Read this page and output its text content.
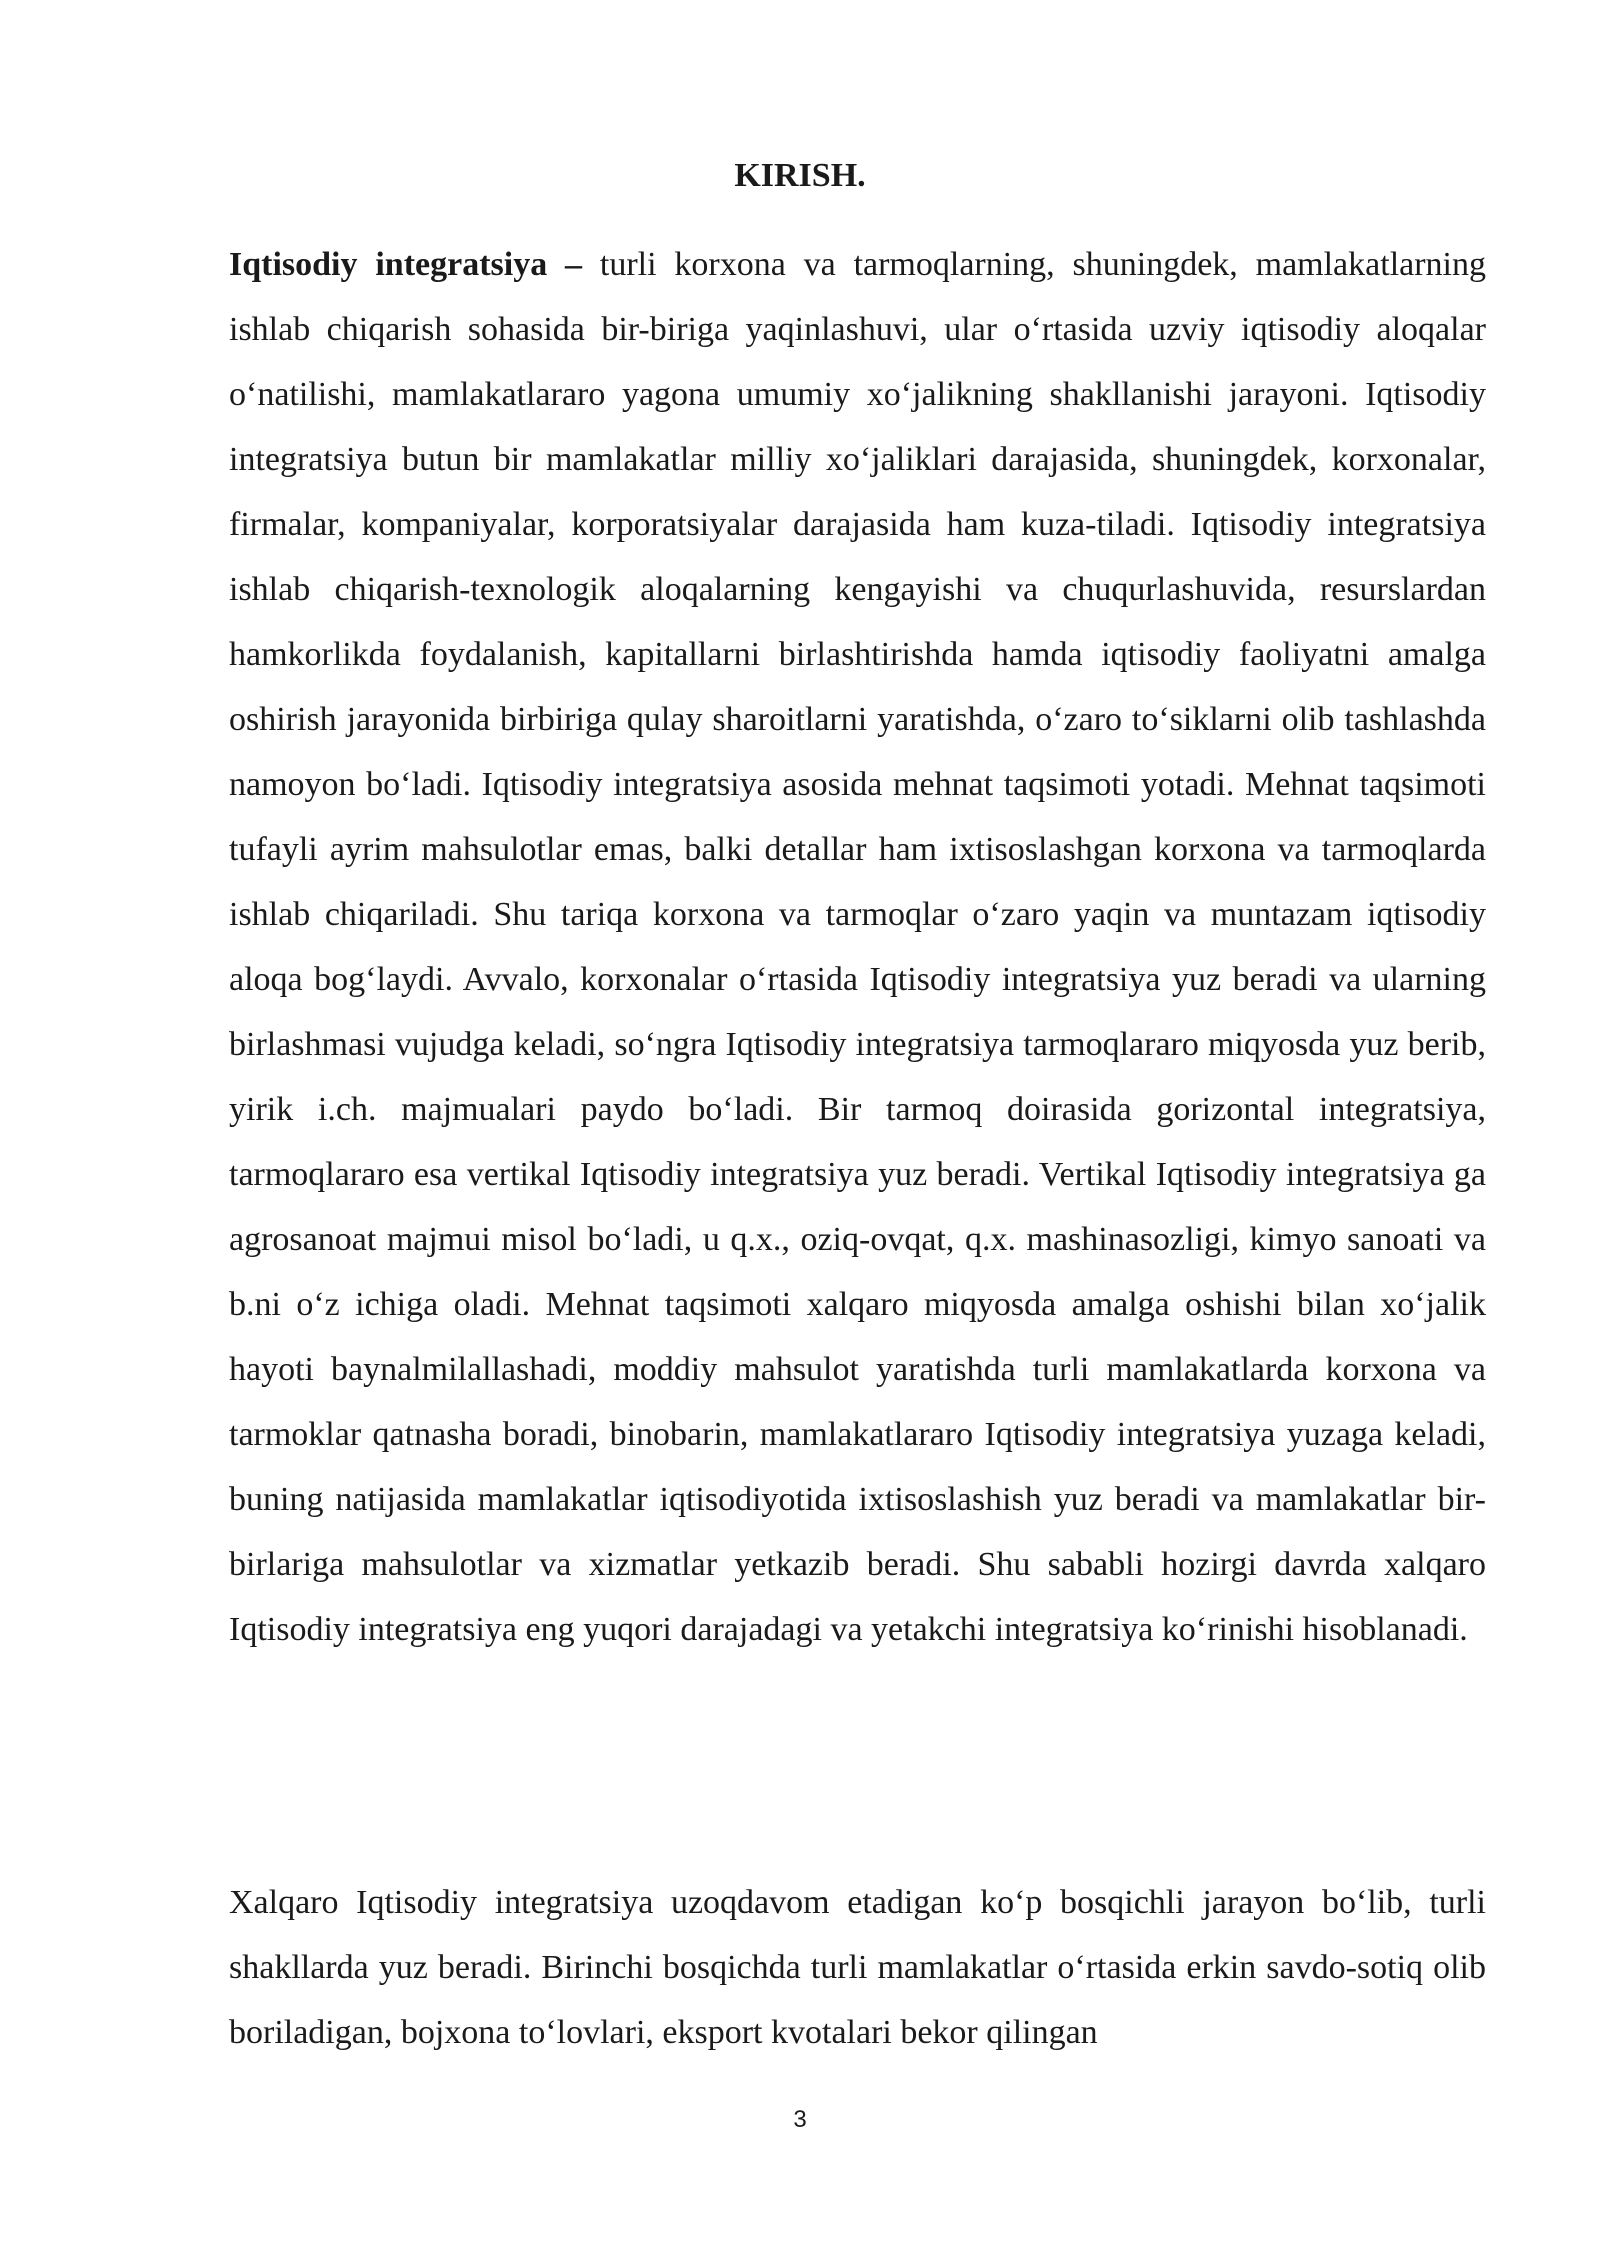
KIRISH.

Iqtisodiy integratsiya – turli korxona va tarmoqlarning, shuningdek, mamlakatlarning ishlab chiqarish sohasida bir-biriga yaqinlashuvi, ular oʻrtasida uzviy iqtisodiy aloqalar oʻnatilishi, mamlakatlararo yagona umumiy xoʻjalikning shakllanishi jarayoni. Iqtisodiy integratsiya butun bir mamlakatlar milliy xoʻjaliklari darajasida, shuningdek, korxonalar, firmalar, kompaniyalar, korporatsiyalar darajasida ham kuza-tiladi. Iqtisodiy integratsiya ishlab chiqarish-texnologik aloqalarning kengayishi va chuqurlashuvida, resurslardan hamkorlikda foydalanish, kapitallarni birlashtirishda hamda iqtisodiy faoliyatni amalga oshirish jarayonida birbiriga qulay sharoitlarni yaratishda, oʻzaro toʻsiklarni olib tashlashda namoyon boʻladi. Iqtisodiy integratsiya asosida mehnat taqsimoti yotadi. Mehnat taqsimoti tufayli ayrim mahsulotlar emas, balki detallar ham ixtisoslashgan korxona va tarmoqlarda ishlab chiqariladi. Shu tariqa korxona va tarmoqlar oʻzaro yaqin va muntazam iqtisodiy aloqa bogʻlaydi. Avvalo, korxonalar oʻrtasida Iqtisodiy integratsiya yuz beradi va ularning birlashmasi vujudga keladi, soʻngra Iqtisodiy integratsiya tarmoqlararo miqyosda yuz berib, yirik i.ch. majmualari paydo boʻladi. Bir tarmoq doirasida gorizontal integratsiya, tarmoqlararo esa vertikal Iqtisodiy integratsiya yuz beradi. Vertikal Iqtisodiy integratsiya ga agrosanoat majmui misol boʻladi, u q.x., oziq-ovqat, q.x. mashinasozligi, kimyo sanoati va b.ni oʻz ichiga oladi. Mehnat taqsimoti xalqaro miqyosda amalga oshishi bilan xoʻjalik hayoti baynalmilallashadi, moddiy mahsulot yaratishda turli mamlakatlarda korxona va tarmoklar qatnasha boradi, binobarin, mamlakatlararo Iqtisodiy integratsiya yuzaga keladi, buning natijasida mamlakatlar iqtisodiyotida ixtisoslashish yuz beradi va mamlakatlar bir-birlariga mahsulotlar va xizmatlar yetkazib beradi. Shu sababli hozirgi davrda xalqaro Iqtisodiy integratsiya eng yuqori darajadagi va yetakchi integratsiya koʻrinishi hisoblanadi.

Xalqaro Iqtisodiy integratsiya uzoqdavom etadigan koʻp bosqichli jarayon boʻlib, turli shakllarda yuz beradi. Birinchi bosqichda turli mamlakatlar oʻrtasida erkin savdo-sotiq olib boriladigan, bojxona toʻlovlari, eksport kvotalari bekor qilingan

3
